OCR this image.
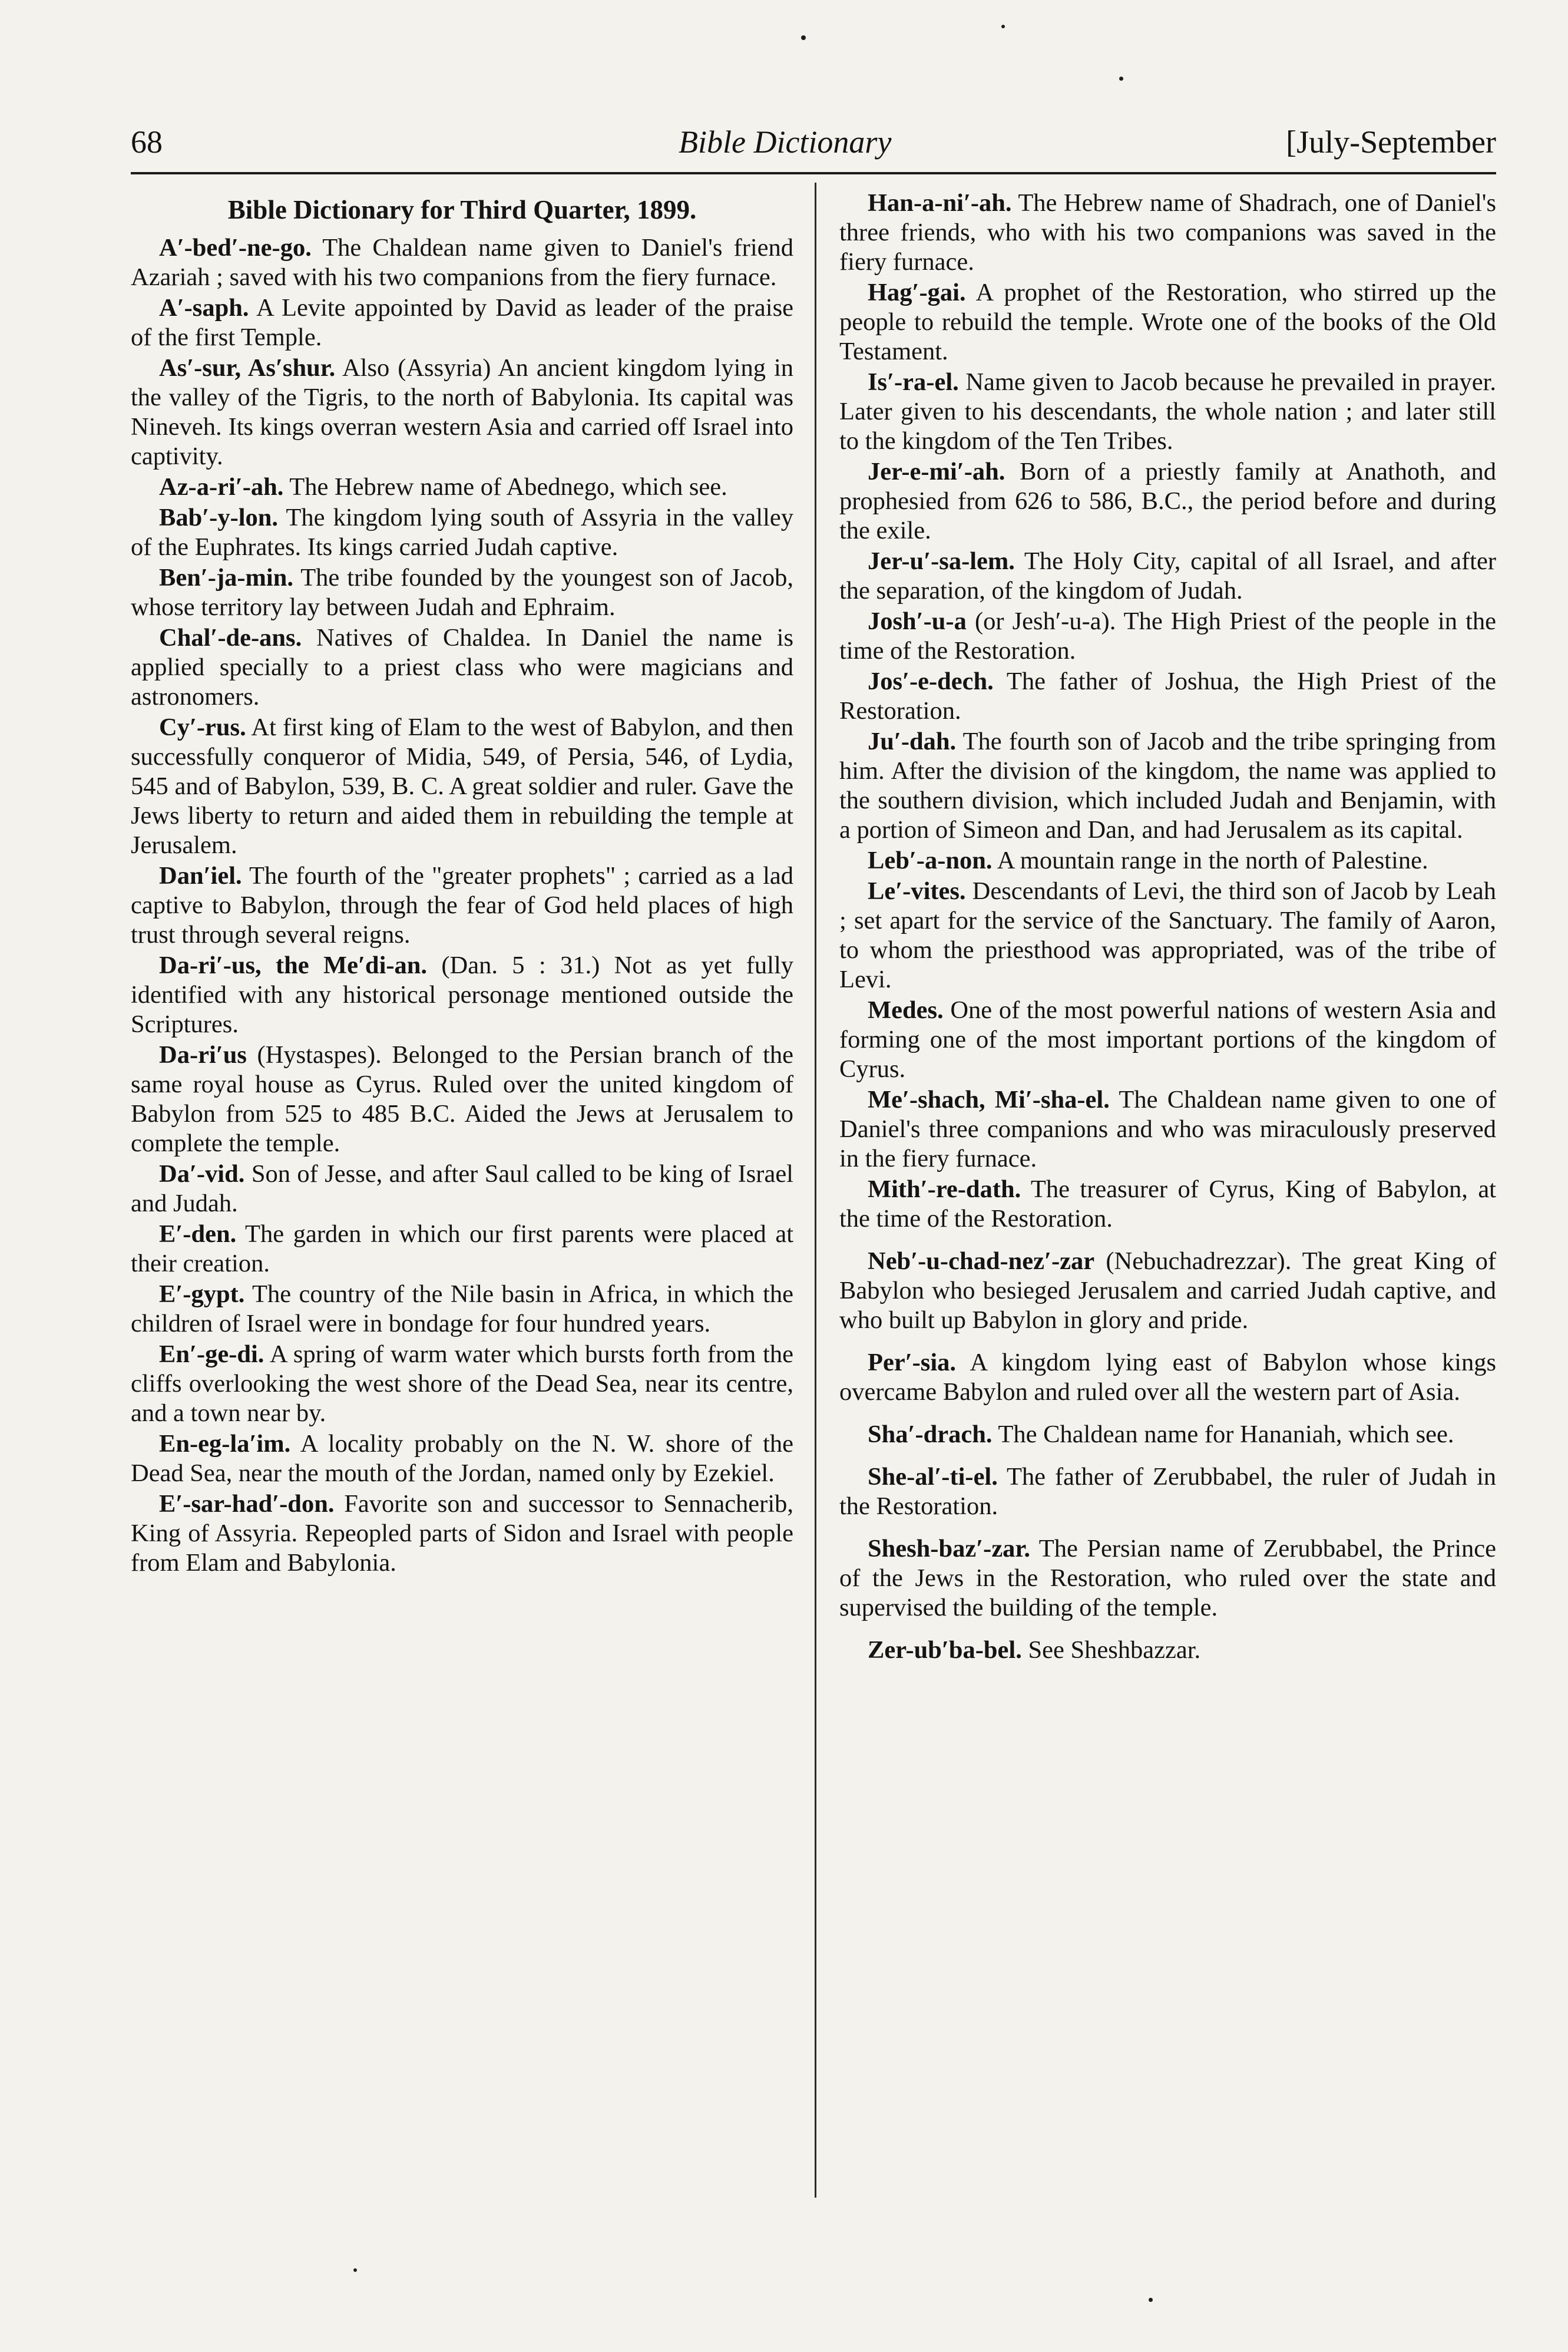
68	Bible Dictionary	[July-September
Bible Dictionary for Third Quarter, 1899.

A′-bed′-ne-go. The Chaldean name given to Daniel's friend Azariah ; saved with his two companions from the fiery furnace.

A′-saph. A Levite appointed by David as leader of the praise of the first Temple.

As′-sur, As′shur. Also (Assyria) An ancient kingdom lying in the valley of the Tigris, to the north of Babylonia. Its capital was Nineveh. Its kings overran western Asia and carried off Israel into captivity.

Az-a-ri′-ah. The Hebrew name of Abednego, which see.

Bab′-y-lon. The kingdom lying south of Assyria in the valley of the Euphrates. Its kings carried Judah captive.

Ben′-ja-min. The tribe founded by the youngest son of Jacob, whose territory lay between Judah and Ephraim.

Chal′-de-ans. Natives of Chaldea. In Daniel the name is applied specially to a priest class who were magicians and astronomers.

Cy′-rus. At first king of Elam to the west of Babylon, and then successfully conqueror of Midia, 549, of Persia, 546, of Lydia, 545 and of Babylon, 539, B. C. A great soldier and ruler. Gave the Jews liberty to return and aided them in rebuilding the temple at Jerusalem.

Dan′iel. The fourth of the "greater prophets" ; carried as a lad captive to Babylon, through the fear of God held places of high trust through several reigns.

Da-ri′-us, the Me′di-an. (Dan. 5 : 31.) Not as yet fully identified with any historical personage mentioned outside the Scriptures.

Da-ri′us (Hystaspes). Belonged to the Persian branch of the same royal house as Cyrus. Ruled over the united kingdom of Babylon from 525 to 485 B.C. Aided the Jews at Jerusalem to complete the temple.

Da′-vid. Son of Jesse, and after Saul called to be king of Israel and Judah.

E′-den. The garden in which our first parents were placed at their creation.

E′-gypt. The country of the Nile basin in Africa, in which the children of Israel were in bondage for four hundred years.

En′-ge-di. A spring of warm water which bursts forth from the cliffs overlooking the west shore of the Dead Sea, near its centre, and a town near by.

En-eg-la′im. A locality probably on the N. W. shore of the Dead Sea, near the mouth of the Jordan, named only by Ezekiel.

E′-sar-had′-don. Favorite son and successor to Sennacherib, King of Assyria. Repeopled parts of Sidon and Israel with people from Elam and Babylonia.

Han-a-ni′-ah. The Hebrew name of Shadrach, one of Daniel's three friends, who with his two companions was saved in the fiery furnace.

Hag′-gai. A prophet of the Restoration, who stirred up the people to rebuild the temple. Wrote one of the books of the Old Testament.

Is′-ra-el. Name given to Jacob because he prevailed in prayer. Later given to his descendants, the whole nation ; and later still to the kingdom of the Ten Tribes.

Jer-e-mi′-ah. Born of a priestly family at Anathoth, and prophesied from 626 to 586, B.C., the period before and during the exile.

Jer-u′-sa-lem. The Holy City, capital of all Israel, and after the separation, of the kingdom of Judah.

Josh′-u-a (or Jesh′-u-a). The High Priest of the people in the time of the Restoration.

Jos′-e-dech. The father of Joshua, the High Priest of the Restoration.

Ju′-dah. The fourth son of Jacob and the tribe springing from him. After the division of the kingdom, the name was applied to the southern division, which included Judah and Benjamin, with a portion of Simeon and Dan, and had Jerusalem as its capital.

Leb′-a-non. A mountain range in the north of Palestine.

Le′-vites. Descendants of Levi, the third son of Jacob by Leah ; set apart for the service of the Sanctuary. The family of Aaron, to whom the priesthood was appropriated, was of the tribe of Levi.

Medes. One of the most powerful nations of western Asia and forming one of the most important portions of the kingdom of Cyrus.

Me′-shach, Mi′-sha-el. The Chaldean name given to one of Daniel's three companions and who was miraculously preserved in the fiery furnace.

Mith′-re-dath. The treasurer of Cyrus, King of Babylon, at the time of the Restoration.

Neb′-u-chad-nez′-zar (Nebuchadrezzar). The great King of Babylon who besieged Jerusalem and carried Judah captive, and who built up Babylon in glory and pride.

Per′-sia. A kingdom lying east of Babylon whose kings overcame Babylon and ruled over all the western part of Asia.

Sha′-drach. The Chaldean name for Hananiah, which see.

She-al′-ti-el. The father of Zerubbabel, the ruler of Judah in the Restoration.

Shesh-baz′-zar. The Persian name of Zerubbabel, the Prince of the Jews in the Restoration, who ruled over the state and supervised the building of the temple.

Zer-ub′ba-bel. See Sheshbazzar.
